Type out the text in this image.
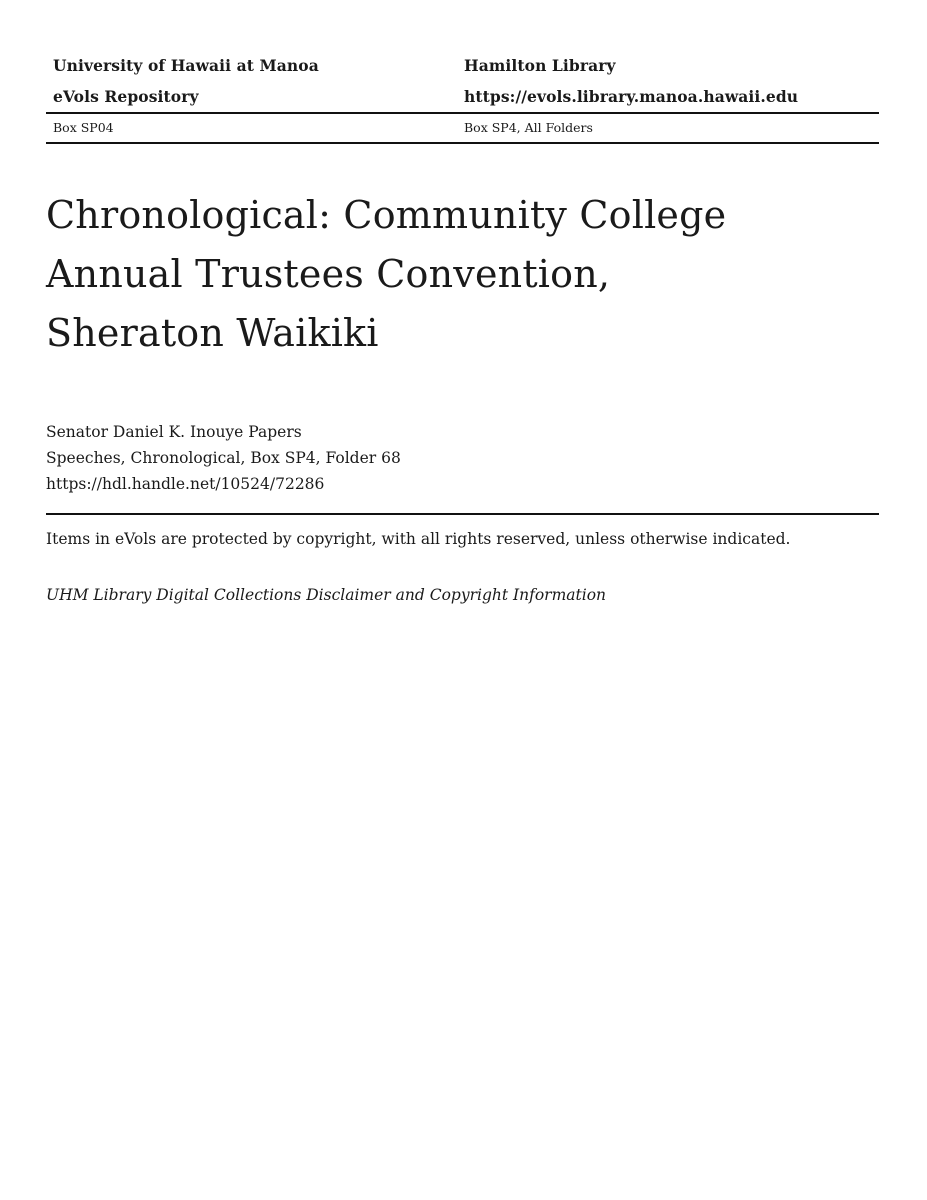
University of Hawaii at Manoa	Hamilton Library
eVols Repository	https://evols.library.manoa.hawaii.edu
Box SP04	Box SP4, All Folders
Chronological: Community College
Annual Trustees Convention,
Sheraton Waikiki
Senator Daniel K. Inouye Papers
Speeches, Chronological, Box SP4, Folder 68
https://hdl.handle.net/10524/72286
Items in eVols are protected by copyright, with all rights reserved, unless otherwise indicated.
UHM Library Digital Collections Disclaimer and Copyright Information
